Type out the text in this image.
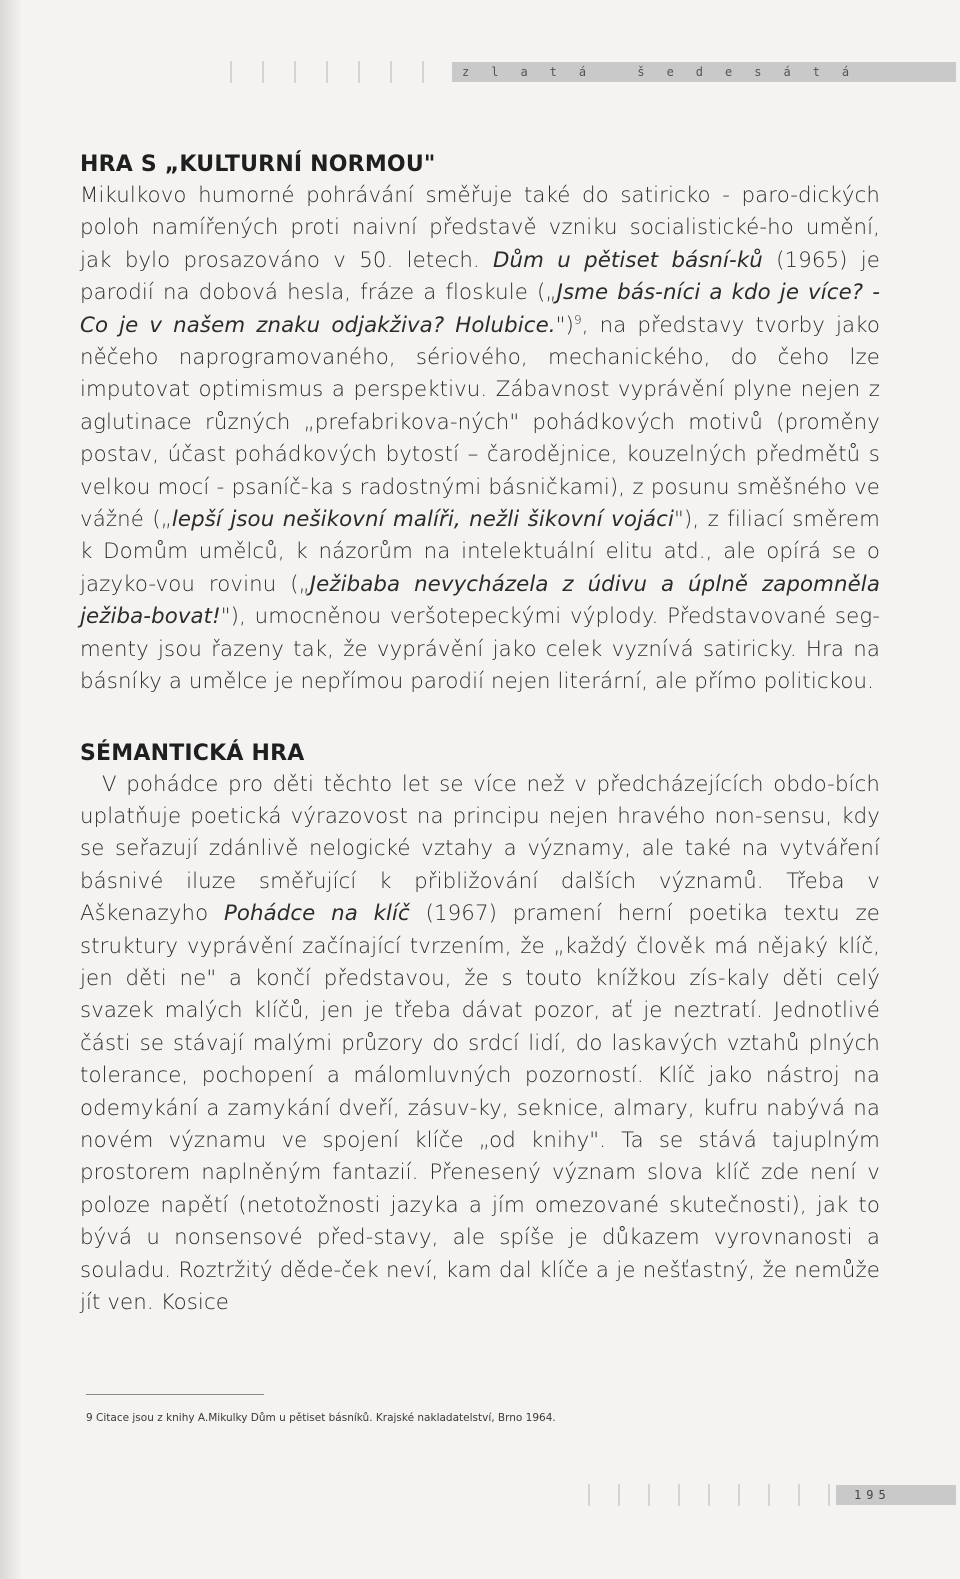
zlatá šedesátá
HRA S „KULTURNÍ NORMOU"

Mikulkovo humorné pohrávání směřuje také do satiricko - paro-dických poloh namířených proti naivní představě vzniku socialistické-ho umění, jak bylo prosazováno v 50. letech. Dům u pětiset básní-ků (1965) je parodií na dobová hesla, fráze a floskule („Jsme bás-níci a kdo je více? - Co je v našem znaku odjakživa? Holubice.")$^9$, na představy tvorby jako něčeho naprogramovaného, sériového, mechanického, do čeho lze imputovat optimismus a perspektivu. Zábavnost vyprávění plyne nejen z aglutinace různých „prefabrikova-ných" pohádkových motivů (proměny postav, účast pohádkových bytostí – čarodějnice, kouzelných předmětů s velkou mocí - psaníč-ka s radostnými básničkami), z posunu směšného ve vážné („lepší jsou nešikovní malíři, nežli šikovní vojáci"), z filiací směrem k Domům umělců, k názorům na intelektuální elitu atd., ale opírá se o jazyko-vou rovinu („Ježibaba nevycházela z údivu a úplně zapomněla ježiba-bovat!"), umocněnou veršotepeckými výplody. Představované seg-menty jsou řazeny tak, že vyprávění jako celek vyznívá satiricky. Hra na básníky a umělce je nepřímou parodií nejen literární, ale přímo politickou.

SÉMANTICKÁ HRA

V pohádce pro děti těchto let se více než v předcházejících obdo-bích uplatňuje poetická výrazovost na principu nejen hravého non-sensu, kdy se seřazují zdánlivě nelogické vztahy a významy, ale také na vytváření básnivé iluze směřující k přibližování dalších významů. Třeba v Aškenazyho Pohádce na klíč (1967) pramení herní poetika textu ze struktury vyprávění začínající tvrzením, že „každý člověk má nějaký klíč, jen děti ne" a končí představou, že s touto knížkou zís-kaly děti celý svazek malých klíčů, jen je třeba dávat pozor, ať je neztratí. Jednotlivé části se stávají malými průzory do srdcí lidí, do laskavých vztahů plných tolerance, pochopení a málomluvných pozorností. Klíč jako nástroj na odemykání a zamykání dveří, zásuv-ky, seknice, almary, kufru nabývá na novém významu ve spojení klíče „od knihy". Ta se stává tajuplným prostorem naplněným fantazií. Přenesený význam slova klíč zde není v poloze napětí (netotožnosti jazyka a jím omezované skutečnosti), jak to bývá u nonsensové před-stavy, ale spíše je důkazem vyrovnanosti a souladu. Roztržitý děde-ček neví, kam dal klíče a je nešťastný, že nemůže jít ven. Kosice

9 Citace jsou z knihy A.Mikulky Dům u pětiset básníků. Krajské nakladatelství, Brno 1964.
195
